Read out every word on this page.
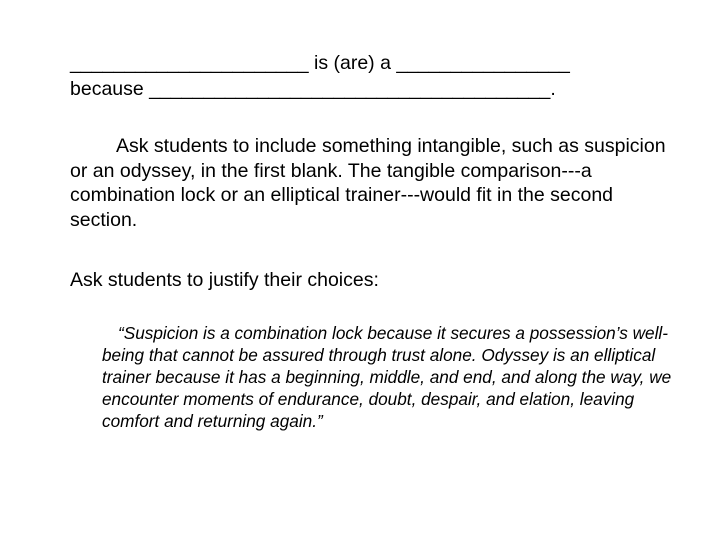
______________________ is (are) a ________________
because _____________________________________.
Ask students to include something intangible, such as suspicion or an odyssey, in the first blank. The tangible comparison---a combination lock or an elliptical trainer---would fit in the second section.
Ask students to justify their choices:
“Suspicion is a combination lock because it secures a possession’s well-being that cannot be assured through trust alone. Odyssey is an elliptical trainer because it has a beginning, middle, and end, and along the way, we encounter moments of endurance, doubt, despair, and elation, leaving comfort and returning again.”
